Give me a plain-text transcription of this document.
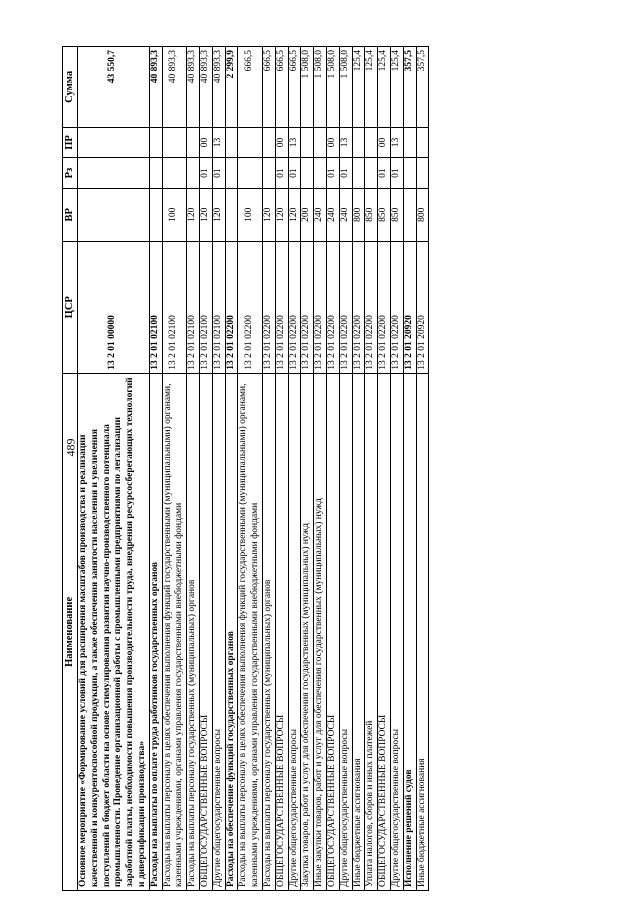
489
Наименование	ЦСР	ВР	Рз	ПР	Сумма
Основное мероприятие «Формирование условий для расширения масштабов производства и реализации качественной и конкурентоспособной продукции, а также обеспечения занятости населения и увеличения поступлений в бюджет области на основе стимулирования развития научно-производственного потенциала промышленности. Проведение организационной работы с промышленными предприятиями по легализации заработной платы, необходимости повышения производительности труда, внедрения ресурсосберегающих технологий и диверсификации производства»	13 2 01 00000				43 550,7
Расходы на выплаты по оплате труда работников государственных органов	13 2 01 02100				40 893,3
Расходы на выплаты персоналу в целях обеспечения выполнения функций государственными (муниципальными) органами, казенными учреждениями, органами управления государственными внебюджетными фондами	13 2 01 02100	100			40 893,3
Расходы на выплаты персоналу государственных (муниципальных) органов	13 2 01 02100	120			40 893,3
ОБЩЕГОСУДАРСТВЕННЫЕ ВОПРОСЫ	13 2 01 02100	120	01	00	40 893,3
Другие общегосударственные вопросы	13 2 01 02100	120	01	13	40 893,3
Расходы на обеспечение функций государственных органов	13 2 01 02200				2 299,9
Расходы на выплаты персоналу в целях обеспечения выполнения функций государственными (муниципальными) органами, казенными учреждениями, органами управления государственными внебюджетными фондами	13 2 01 02200	100			666,5
Расходы на выплаты персоналу государственных (муниципальных) органов	13 2 01 02200	120			666,5
ОБЩЕГОСУДАРСТВЕННЫЕ ВОПРОСЫ	13 2 01 02200	120	01	00	666,5
Другие общегосударственные вопросы	13 2 01 02200	120	01	13	666,5
Закупка товаров, работ и услуг для обеспечения государственных (муниципальных) нужд	13 2 01 02200	200			1 508,0
Иные закупки товаров, работ и услуг для обеспечения государственных (муниципальных) нужд	13 2 01 02200	240			1 508,0
ОБЩЕГОСУДАРСТВЕННЫЕ ВОПРОСЫ	13 2 01 02200	240	01	00	1 508,0
Другие общегосударственные вопросы	13 2 01 02200	240	01	13	1 508,0
Иные бюджетные ассигнования	13 2 01 02200	800			125,4
Уплата налогов, сборов и иных платежей	13 2 01 02200	850			125,4
ОБЩЕГОСУДАРСТВЕННЫЕ ВОПРОСЫ	13 2 01 02200	850	01	00	125,4
Другие общегосударственные вопросы	13 2 01 02200	850	01	13	125,4
Исполнение решений судов	13 2 01 20920				357,5
Иные бюджетные ассигнования	13 2 01 20920	800			357,5
